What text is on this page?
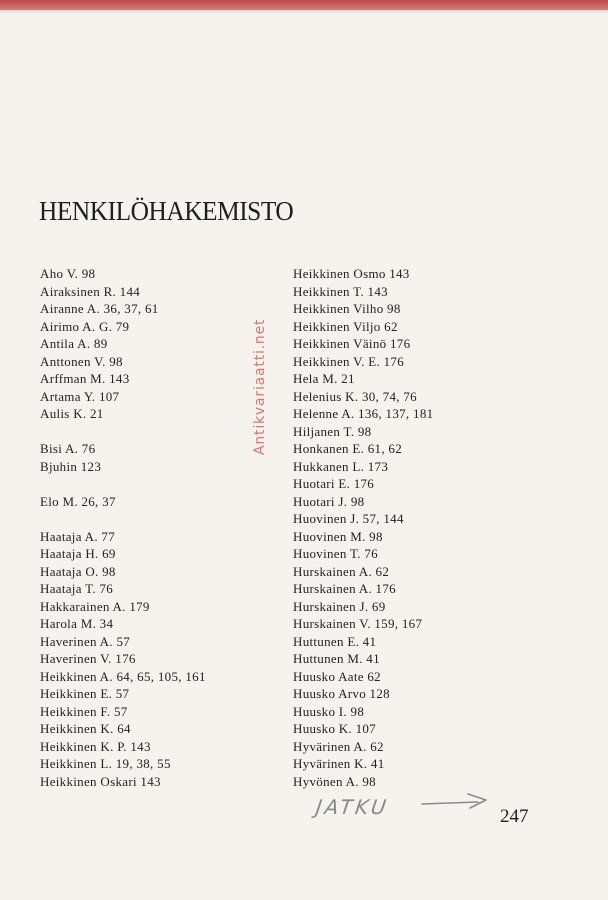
HENKILÖHAKEMISTO
Aho V. 98
Airaksinen R. 144
Airanne A. 36, 37, 61
Airimo A. G. 79
Antila A. 89
Anttonen V. 98
Arffman M. 143
Artama Y. 107
Aulis K. 21
Bisi A. 76
Bjuhin 123
Elo M. 26, 37
Haataja A. 77
Haataja H. 69
Haataja O. 98
Haataja T. 76
Hakkarainen A. 179
Harola M. 34
Haverinen A. 57
Haverinen V. 176
Heikkinen A. 64, 65, 105, 161
Heikkinen E. 57
Heikkinen F. 57
Heikkinen K. 64
Heikkinen K. P. 143
Heikkinen L. 19, 38, 55
Heikkinen Oskari 143
Heikkinen Osmo 143
Heikkinen T. 143
Heikkinen Vilho 98
Heikkinen Viljo 62
Heikkinen Väinö 176
Heikkinen V. E. 176
Hela M. 21
Helenius K. 30, 74, 76
Helenne A. 136, 137, 181
Hiljanen T. 98
Honkanen E. 61, 62
Hukkanen L. 173
Huotari E. 176
Huotari J. 98
Huovinen J. 57, 144
Huovinen M. 98
Huovinen T. 76
Hurskainen A. 62
Hurskainen A. 176
Hurskainen J. 69
Hurskainen V. 159, 167
Huttunen E. 41
Huttunen M. 41
Huusko Aate 62
Huusko Arvo 128
Huusko I. 98
Huusko K. 107
Hyvärinen A. 62
Hyvärinen K. 41
Hyvönen A. 98
Antikvariaatti.net
JATKU	247
